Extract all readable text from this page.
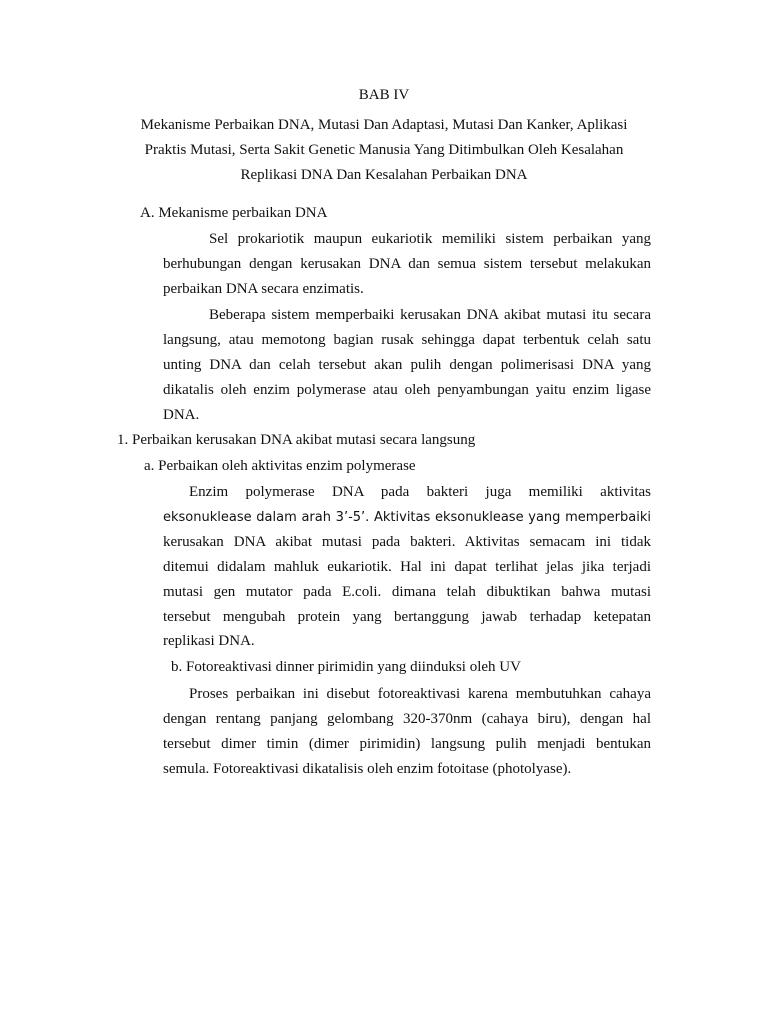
BAB IV
Mekanisme Perbaikan DNA, Mutasi Dan Adaptasi, Mutasi Dan Kanker, Aplikasi
Praktis Mutasi, Serta Sakit Genetic Manusia Yang Ditimbulkan Oleh Kesalahan
Replikasi DNA Dan Kesalahan Perbaikan DNA
A. Mekanisme perbaikan DNA
Sel prokariotik maupun eukariotik memiliki sistem perbaikan yang
berhubungan dengan kerusakan DNA dan semua sistem tersebut melakukan
perbaikan DNA secara enzimatis.
Beberapa sistem memperbaiki kerusakan DNA akibat mutasi itu secara
langsung, atau memotong bagian rusak sehingga dapat terbentuk celah satu
unting DNA dan celah tersebut akan pulih dengan polimerisasi DNA yang
dikatalis oleh enzim polymerase atau oleh penyambungan yaitu enzim ligase
DNA.
1. Perbaikan kerusakan DNA akibat mutasi secara langsung
a. Perbaikan oleh aktivitas enzim polymerase
Enzim polymerase DNA pada bakteri juga memiliki aktivitas
eksonuklease dalam arah 3’-5’. Aktivitas eksonuklease yang memperbaiki
kerusakan DNA akibat mutasi pada bakteri. Aktivitas semacam ini tidak
ditemui didalam mahluk eukariotik. Hal ini dapat terlihat jelas jika terjadi
mutasi gen mutator pada E.coli. dimana telah dibuktikan bahwa mutasi
tersebut mengubah protein yang bertanggung jawab terhadap ketepatan
replikasi DNA.
b. Fotoreaktivasi dinner pirimidin yang diinduksi oleh UV
Proses perbaikan ini disebut fotoreaktivasi karena membutuhkan cahaya
dengan rentang panjang gelombang 320-370nm (cahaya biru), dengan hal
tersebut dimer timin (dimer pirimidin) langsung pulih menjadi bentukan
semula. Fotoreaktivasi dikatalisis oleh enzim fotoitase (photolyase).
